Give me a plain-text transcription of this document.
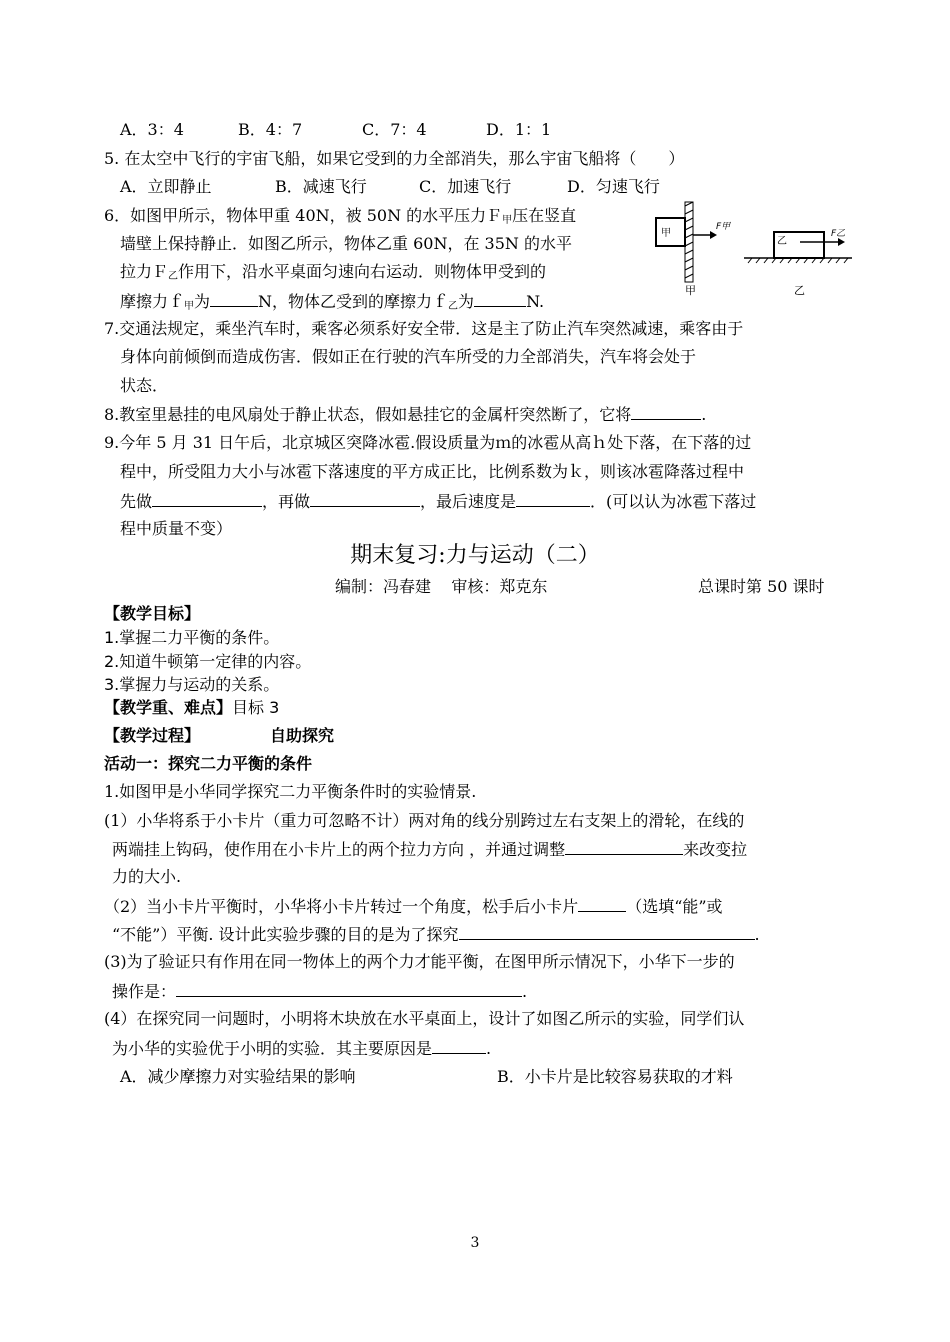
A．3：4	B．4：7	C．7：4	D．1：1
5. 在太空中飞行的宇宙飞船，如果它受到的力全部消失，那么宇宙飞船将（　　）
A．立即静止	B．减速飞行	C．加速飞行	D．匀速飞行
6．如图甲所示，物体甲重 40N，被 50N 的水平压力Ｆ$_甲$压在竖直
墙壁上保持静止．如图乙所示，物体乙重 60N，在 35N 的水平
拉力Ｆ$_乙$作用下，沿水平桌面匀速向右运动．则物体甲受到的
摩擦力ｆ$_甲$为	N，物体乙受到的摩擦力ｆ$_乙$为	N.
甲
F甲
甲
乙
F乙
乙
7.交通法规定，乘坐汽车时，乘客必须系好安全带．这是主了防止汽车突然减速，乘客由于
身体向前倾倒而造成伤害．假如正在行驶的汽车所受的力全部消失，汽车将会处于
状态．
8.教室里悬挂的电风扇处于静止状态，假如悬挂它的金属杆突然断了，它将	.
9.今年 5 月 31 日午后，北京城区突降冰雹.假设质量为ｍ的冰雹从高ｈ处下落，在下落的过
程中，所受阻力大小与冰雹下落速度的平方成正比，比例系数为ｋ，则该冰雹降落过程中
先做	，再做	，最后速度是	．(可以认为冰雹下落过
程中质量不变）
期末复习:力与运动（二）
编制：冯春建 审核：郑克东	总课时第 50 课时
【教学目标】
1.掌握二力平衡的条件。
2.知道牛顿第一定律的内容。
3.掌握力与运动的关系。
【教学重、难点】目标 3
【教学过程】	自助探究
活动一：探究二力平衡的条件
1.如图甲是小华同学探究二力平衡条件时的实验情景.
(1）小华将系于小卡片（重力可忽略不计）两对角的线分别跨过左右支架上的滑轮，在线的
两端挂上钩码，使作用在小卡片上的两个拉力方向 ，并通过调整	来改变拉
力的大小.
（2）当小卡片平衡时，小华将小卡片转过一个角度，松手后小卡片	（选填“能”或
“不能”）平衡. 设计此实验步骤的目的是为了探究	.
(3)为了验证只有作用在同一物体上的两个力才能平衡，在图甲所示情况下，小华下一步的
操作是：	.
(4）在探究同一问题时，小明将木块放在水平桌面上，设计了如图乙所示的实验，同学们认
为小华的实验优于小明的实验．其主要原因是	.
A．减少摩擦力对实验结果的影响	B．小卡片是比较容易获取的才料
3
